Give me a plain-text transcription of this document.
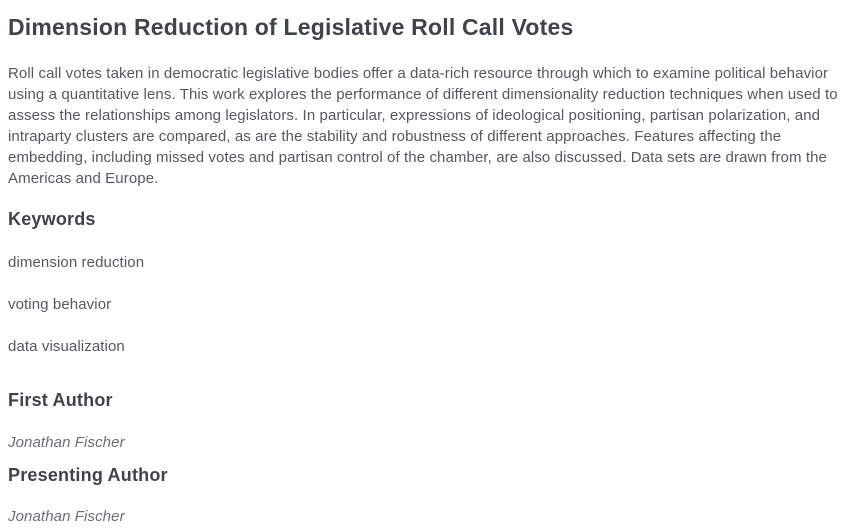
Dimension Reduction of Legislative Roll Call Votes

Roll call votes taken in democratic legislative bodies offer a data-rich resource through which to examine political behavior using a quantitative lens. This work explores the performance of different dimensionality reduction techniques when used to assess the relationships among legislators. In particular, expressions of ideological positioning, partisan polarization, and intraparty clusters are compared, as are the stability and robustness of different approaches. Features affecting the embedding, including missed votes and partisan control of the chamber, are also discussed. Data sets are drawn from the Americas and Europe.

Keywords

dimension reduction

voting behavior

data visualization

First Author

Jonathan Fischer

Presenting Author

Jonathan Fischer
